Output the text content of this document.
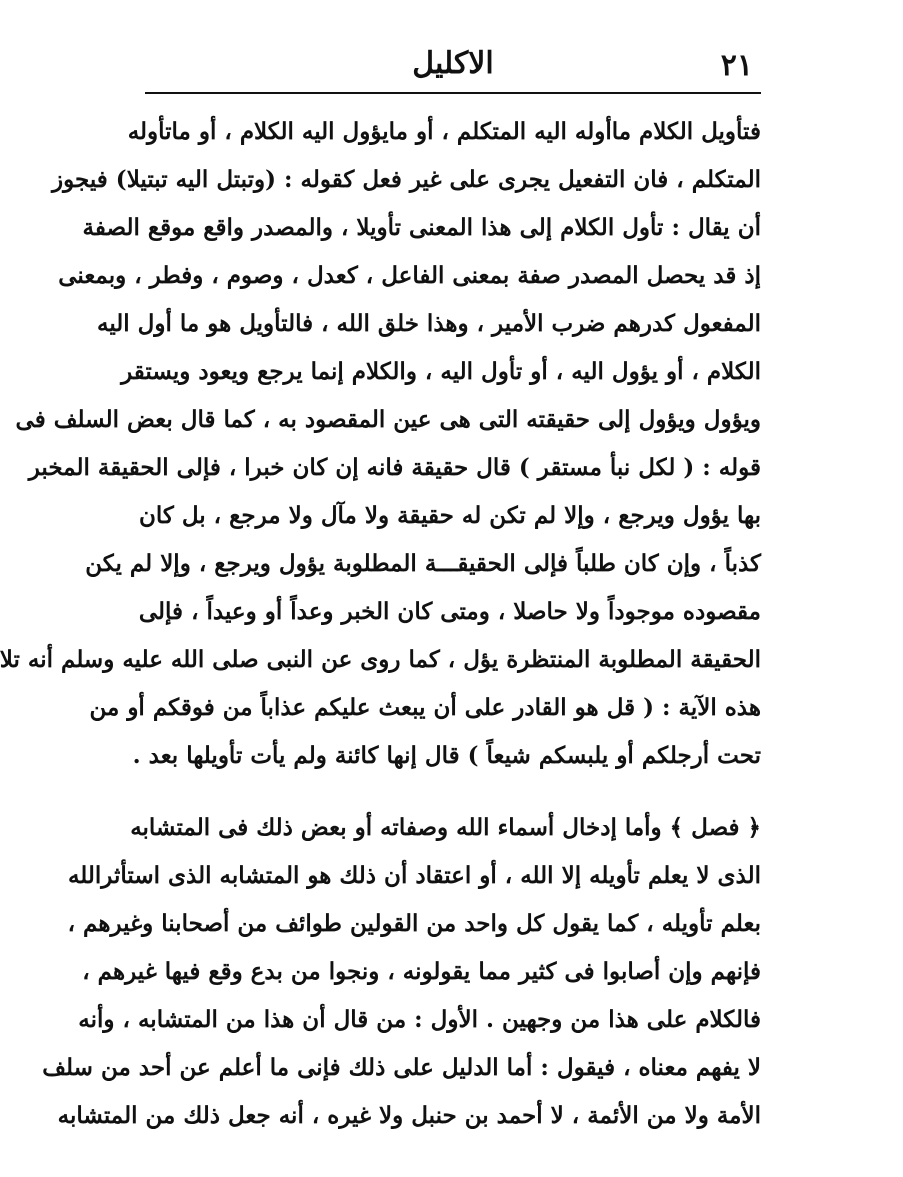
٢١
الاكليل
فتأويل الكلام ماأوله اليه المتكلم ، أو مايؤول اليه الكلام ، أو ماتأوله
المتكلم ، فان التفعيل يجرى على غير فعل كقوله : (وتبتل اليه تبتيلا) فيجوز
أن يقال : تأول الكلام إلى هذا المعنى تأويلا ، والمصدر واقع موقع الصفة
إذ قد يحصل المصدر صفة بمعنى الفاعل ، كعدل ، وصوم ، وفطر ، وبمعنى
المفعول كدرهم ضرب الأمير ، وهذا خلق الله ، فالتأويل هو ما أول اليه
الكلام ، أو يؤول اليه ، أو تأول اليه ، والكلام إنما يرجع ويعود ويستقر
ويؤول ويؤول إلى حقيقته التى هى عين المقصود به ، كما قال بعض السلف فى
قوله : ( لكل نبأ مستقر ) قال حقيقة فانه إن كان خبرا ، فإلى الحقيقة المخبر
بها يؤول ويرجع ، وإلا لم تكن له حقيقة ولا مآل ولا مرجع ، بل كان
كذباً ، وإن كان طلباً فإلى الحقيقـــة المطلوبة يؤول ويرجع ، وإلا لم يكن
مقصوده موجوداً ولا حاصلا ، ومتى كان الخبر وعداً أو وعيداً ، فإلى
الحقيقة المطلوبة المنتظرة يؤل ، كما روى عن النبى صلى الله عليه وسلم أنه تلا
هذه الآية : ( قل هو القادر على أن يبعث عليكم عذاباً من فوقكم أو من
تحت أرجلكم أو يلبسكم شيعاً ) قال إنها كائنة ولم يأت تأويلها بعد .
﴿ فصل ﴾ وأما إدخال أسماء الله وصفاته أو بعض ذلك فى المتشابه
الذى لا يعلم تأويله إلا الله ، أو اعتقاد أن ذلك هو المتشابه الذى استأثرالله
بعلم تأويله ، كما يقول كل واحد من القولين طوائف من أصحابنا وغيرهم ،
فإنهم وإن أصابوا فى كثير مما يقولونه ، ونجوا من بدع وقع فيها غيرهم ،
فالكلام على هذا من وجهين . الأول : من قال أن هذا من المتشابه ، وأنه
لا يفهم معناه ، فيقول : أما الدليل على ذلك فإنى ما أعلم عن أحد من سلف
الأمة ولا من الأئمة ، لا أحمد بن حنبل ولا غيره ، أنه جعل ذلك من المتشابه
